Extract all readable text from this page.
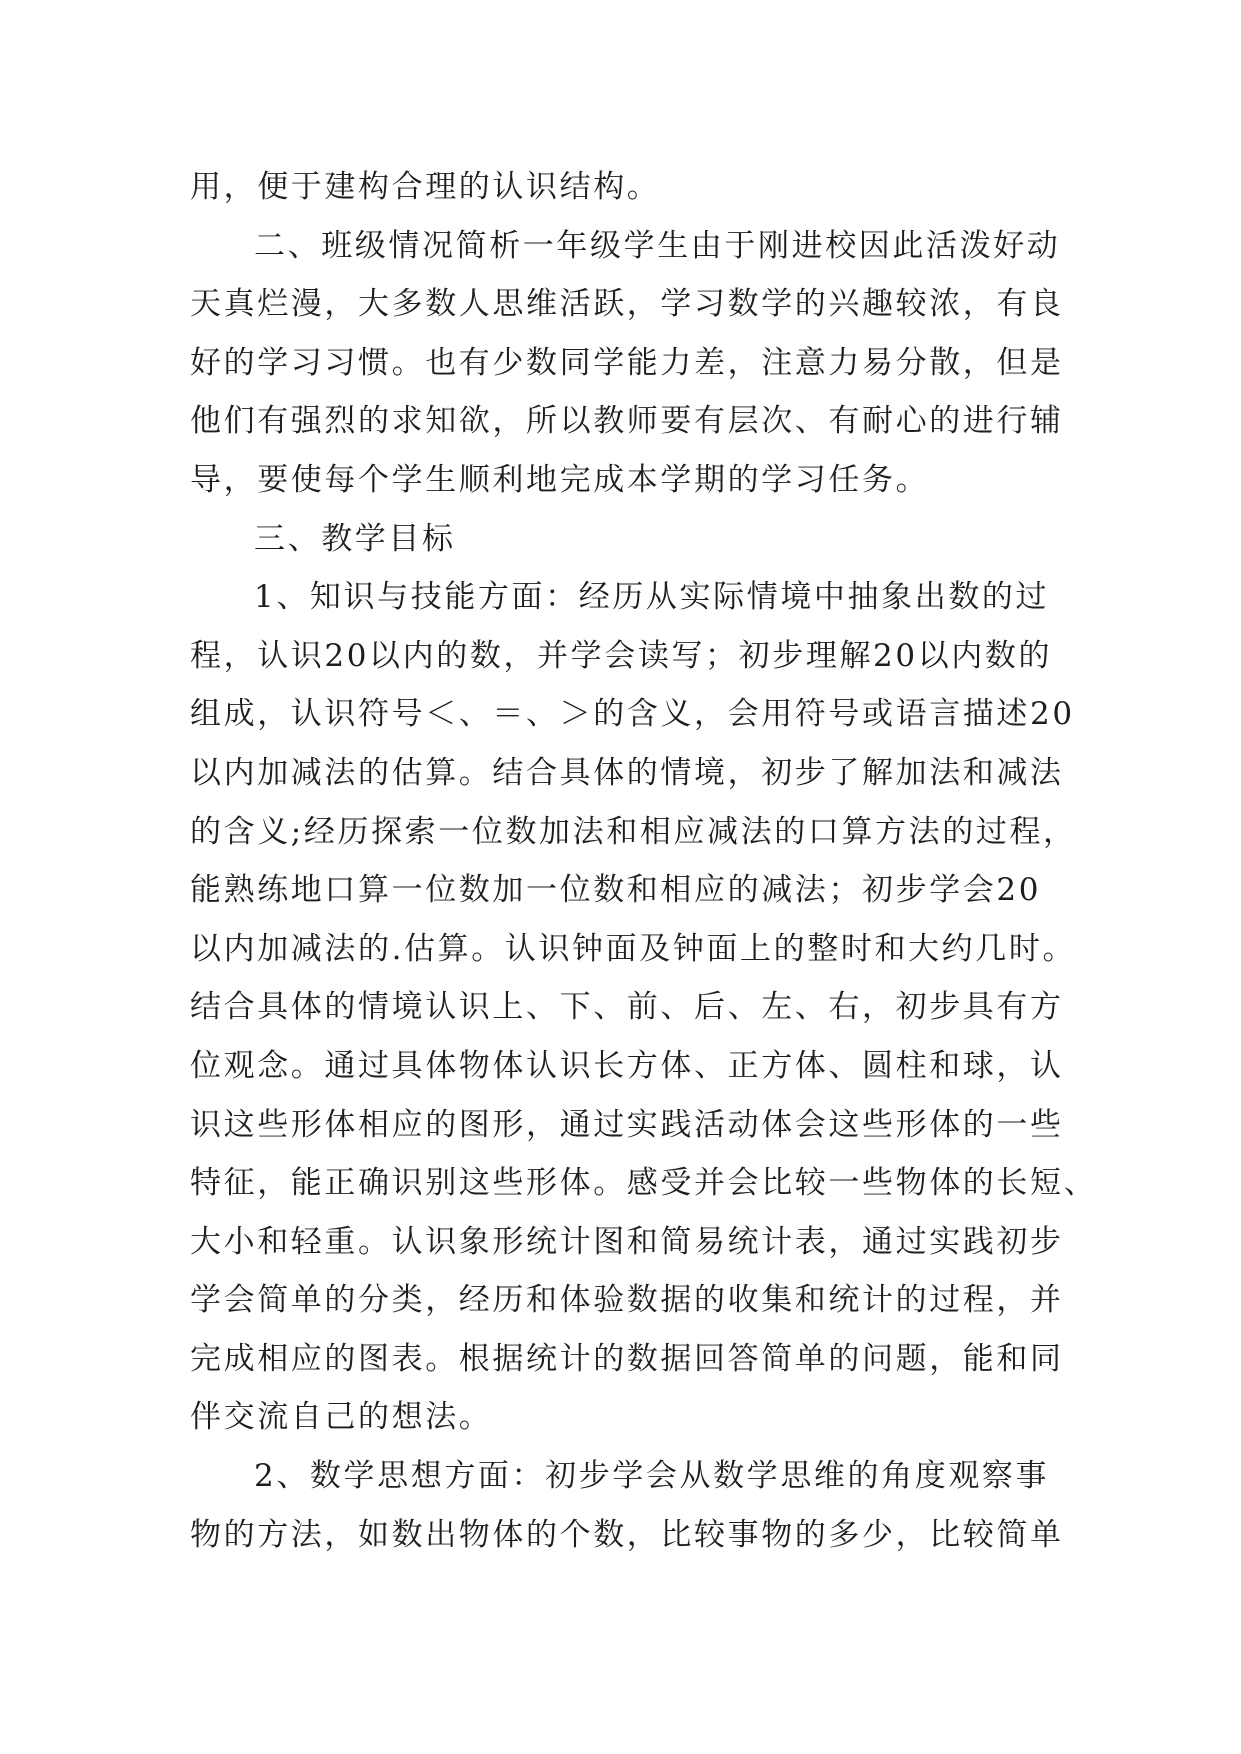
用，便于建构合理的认识结构。
二、班级情况简析一年级学生由于刚进校因此活泼好动
天真烂漫，大多数人思维活跃，学习数学的兴趣较浓，有良
好的学习习惯。也有少数同学能力差，注意力易分散，但是
他们有强烈的求知欲，所以教师要有层次、有耐心的进行辅
导，要使每个学生顺利地完成本学期的学习任务。
三、教学目标
1、知识与技能方面：经历从实际情境中抽象出数的过
程，认识20以内的数，并学会读写；初步理解20以内数的
组成，认识符号＜、＝、＞的含义，会用符号或语言描述20
以内加减法的估算。结合具体的情境，初步了解加法和减法
的含义;经历探索一位数加法和相应减法的口算方法的过程，
能熟练地口算一位数加一位数和相应的减法；初步学会20
以内加减法的.估算。认识钟面及钟面上的整时和大约几时。
结合具体的情境认识上、下、前、后、左、右，初步具有方
位观念。通过具体物体认识长方体、正方体、圆柱和球，认
识这些形体相应的图形，通过实践活动体会这些形体的一些
特征，能正确识别这些形体。感受并会比较一些物体的长短、
大小和轻重。认识象形统计图和简易统计表，通过实践初步
学会简单的分类，经历和体验数据的收集和统计的过程，并
完成相应的图表。根据统计的数据回答简单的问题，能和同
伴交流自己的想法。
2、数学思想方面：初步学会从数学思维的角度观察事
物的方法，如数出物体的个数，比较事物的多少，比较简单
